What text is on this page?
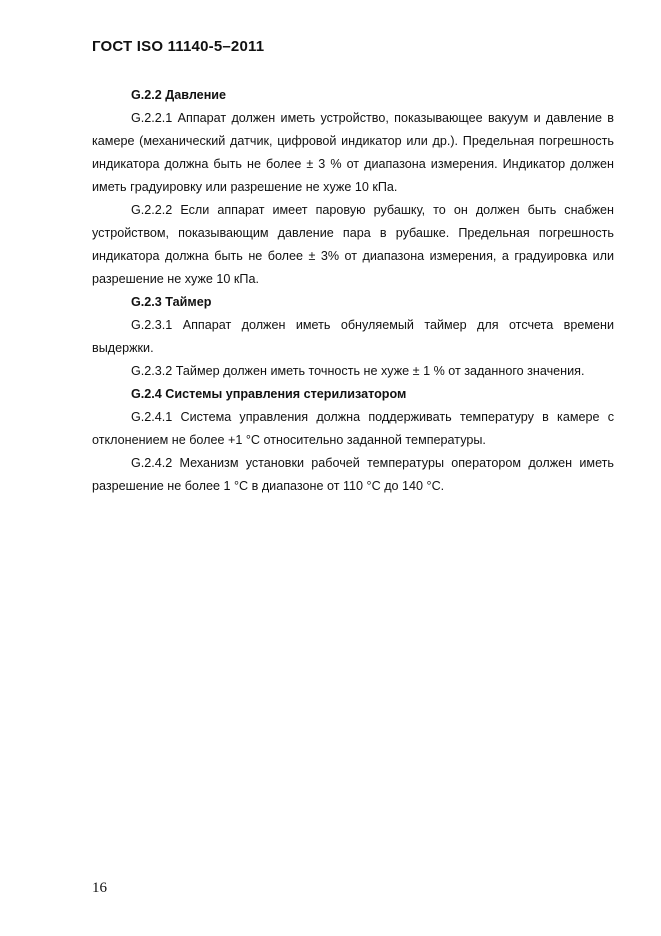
ГОСТ ISO 11140-5–2011

G.2.2 Давление

G.2.2.1 Аппарат должен иметь устройство, показывающее вакуум и давление в камере (механический датчик, цифровой индикатор или др.). Предельная погрешность индикатора должна быть не более ± 3 % от диапазона измерения. Индикатор должен иметь градуировку или разрешение не хуже 10 кПа.

G.2.2.2 Если аппарат имеет паровую рубашку, то он должен быть снабжен устройством, показывающим давление пара в рубашке. Предельная погрешность индикатора должна быть не более ± 3% от диапазона измерения, а градуировка или разрешение не хуже 10 кПа.

G.2.3 Таймер

G.2.3.1 Аппарат должен иметь обнуляемый таймер для отсчета времени выдержки.

G.2.3.2 Таймер должен иметь точность не хуже ± 1 % от заданного значения.

G.2.4 Системы управления стерилизатором

G.2.4.1 Система управления должна поддерживать температуру в камере с отклонением не более +1 °С относительно заданной температуры.

G.2.4.2 Механизм установки рабочей температуры оператором должен иметь разрешение не более 1 °С в диапазоне от 110 °С до 140 °С.

16
